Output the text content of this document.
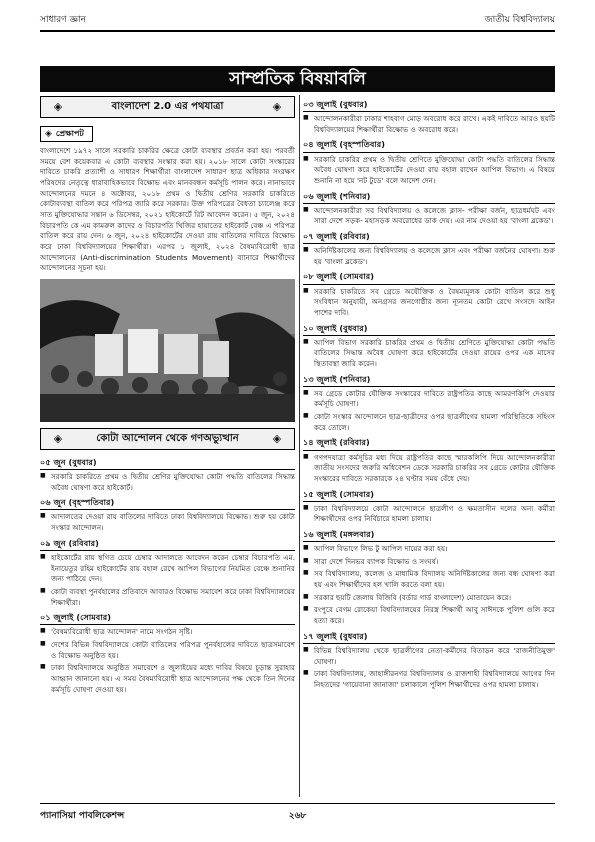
সাধারণ জ্ঞান	জাতীয় বিশ্ববিদ্যালয়
সাম্প্রতিক বিষয়াবলি
◈	বাংলাদেশ 2.0 এর পথযাত্রা	◈
◈ প্রেক্ষাপট

বাংলাদেশে ১৯৭২ সালে সরকারি চাকরির ক্ষেত্রে কোটা ব্যবস্থার প্রবর্তন করা হয়। পরবর্তী সময়ে বেশ কয়েকবার এ কোটা ব্যবস্থার সংস্কার করা হয়। ২০১৮ সালে কোটা সংস্কারের দাবিতে চাকরি প্রত্যাশী ও সাধারণ শিক্ষার্থীরা বাংলাদেশ সাধারণ ছাত্র অধিকার সংরক্ষণ পরিষদের নেতৃত্বে ধারাবাহিকভাবে বিক্ষোভ এবং মানববন্ধন কর্মসূচি পালন করে। নানাভাবে আন্দোলনের দমনে ৪ অক্টোবর, ২০১৮ প্রথম ও দ্বিতীয় শ্রেণির সরকারি চাকরিতে কোটাব্যবস্থা বাতিল করে পরিপত্র জারি করে সরকার। উক্ত পরিপত্রের বৈধতা চ্যালেঞ্জ করে সাত মুক্তিযোদ্ধার সন্তান ৬ ডিসেম্বর, ২০২১ হাইকোর্টে রিট আবেদন করেন। ৫ জুন, ২০২৪ বিচারপতি কে এম কামরুল কাদের ও বিচারপতি খিজির হায়াতের হাইকোর্ট বেঞ্চ এ পরিপত্র বাতিল করে রায় দেন। ৬ জুন, ২০২৪ হাইকোর্টের দেওয়া রায় বাতিলের দাবিতে বিক্ষোভ করে ঢাকা বিশ্ববিদ্যালয়ের শিক্ষার্থীরা। এরপর ১ জুলাই, ২০২৪ বৈষম্যবিরোধী ছাত্র আন্দোলনের (Anti-discrimination Students Movement) ব্যানারে শিক্ষার্থীদের আন্দোলনের সূচনা হয়।

◈	কোটা আন্দোলন থেকে গণঅভ্যুত্থান	◈
০৫ জুন (বুধবার)
■ সরকারি চাকরিতে প্রথম ও দ্বিতীয় শ্রেণির মুক্তিযোদ্ধা কোটা পদ্ধতি বাতিলের সিদ্ধান্ত অবৈধ ঘোষণা করে হাইকোর্ট।
০৬ জুন (বৃহস্পতিবার)
■ আদালতের দেওয়া রায় বাতিলের দাবিতে ঢাকা বিশ্ববিদ্যালয়ে বিক্ষোভ। শুরু হয় কোটা সংস্কার আন্দোলন।
০৯ জুন (রবিবার)
■ হাইকোর্টের রায় স্থগিত চেয়ে চেম্বার আদালতে আবেদন করেন চেম্বার বিচারপতি এম. ইনায়েতুর রহিম হাইকোর্টের রায় বহাল রেখে আপিল বিভাগের নিয়মিত বেঞ্চে শুনানির জন্য পাঠিয়ে দেন।
■ কোটা ব্যবস্থা পুনর্বহালের প্রতিবাদে আবারও বিক্ষোভ সমাবেশ করে ঢাকা বিশ্ববিদ্যালয়ের শিক্ষার্থীরা।
০১ জুলাই (সোমবার)
■ 'বৈষম্যবিরোধী ছাত্র আন্দোলন' নামে সংগঠন সৃষ্টি।
■ দেশের বিভিন্ন বিশ্ববিদ্যালয়ে কোটা বাতিলের পরিপত্র পুনর্বহালের দাবিতে ছাত্রসমাবেশ ও বিক্ষোভ অনুষ্ঠিত হয়।
■ ঢাকা বিশ্ববিদ্যালয়ে অনুষ্ঠিত সমাবেশে ৪ জুলাইয়ের মধ্যে দাবির বিষয়ে চূড়ান্ত সুরাহার আহ্বান জানানো হয়। এ সময় বৈষম্যবিরোধী ছাত্র আন্দোলনের পক্ষ থেকে তিন দিনের কর্মসূচি ঘোষণা দেওয়া হয়।
০৩ জুলাই (বুধবার)
■ আন্দোলনকারীরা ঢাকার শাহবাগ মোড় অবরোধ করে রাখে। একই দাবিতে আরও ছয়টি বিশ্ববিদ্যালয়ের শিক্ষার্থীরা বিক্ষোভ ও অবরোধ করে।
০৪ জুলাই (বৃহস্পতিবার)
■ সরকারি চাকরির প্রথম ও দ্বিতীয় শ্রেণিতে মুক্তিযোদ্ধা কোটা পদ্ধতি বাতিলের সিদ্ধান্ত অবৈধ ঘোষণা করে হাইকোর্টের দেওয়া রায় বহাল রাখেন আপিল বিভাগ। এ বিষয়ে শুনানি না হয়ে 'নট টুডে' বলে আদেশ দেন।
০৬ জুলাই (শনিবার)
■ আন্দোলনকারীরা সব বিশ্ববিদ্যালয় ও কলেজে ক্লাস- পরীক্ষা বর্জন, ছাত্রধর্মঘট এবং সারা দেশে সড়ক- মহাসড়ক অবরোধের ডাক দেয়। এর নাম দেওয়া হয় 'বাংলা ব্লকেড'।
০৭ জুলাই (রবিবার)
■ অনির্দিষ্টকালের জন্য বিশ্ববিদ্যালয় ও কলেজে ক্লাস এবং পরীক্ষা বর্জনের ঘোষণা। শুরু হয় 'বাংলা ব্লকেড'।
০৮ জুলাই (সোমবার)
■ সরকারি চাকরিতে সব গ্রেডে অযৌক্তিক ও বৈষম্যমূলক কোটা বাতিল করে শুধু সংবিধান অনুযায়ী, অনগ্রসর জনগোষ্ঠীর জন্য ন্যূনতম কোটা রেখে সংসদে আইন পাশের দাবি।
১০ জুলাই (বুধবার)
■ আপিল বিভাগ সরকারি চাকরির প্রথম ও দ্বিতীয় শ্রেণিতে মুক্তিযোদ্ধা কোটা পদ্ধতি বাতিলের সিদ্ধান্ত অবৈধ ঘোষণা করে হাইকোর্টের দেওয়া রায়ের ওপর এক মাসের স্থিতাবস্থা জারি করেন।
১৩ জুলাই (শনিবার)
■ সব গ্রেডে কোটার যৌক্তিক সংস্কারের দাবিতে রাষ্ট্রপতির কাছে আমরণকিপি দেওয়ার কর্মসূচি ঘোষণা।
■ কোটা সংস্কার আন্দোলনে ছাত্র-ছাত্রীদের ওপর ছাত্রলীগের হামলা পরিস্থিতিকে সহিংস করে তোলে।
১৪ জুলাই (রবিবার)
■ গণপদযাত্রা কর্মসূচির মধ্য দিয়ে রাষ্ট্রপতির কাছে স্মারকলিপি দিয়ে আন্দোলনকারীরা জাতীয় সংসদের জরুরি অধিবেশন ডেকে সরকারি চাকরির সব গ্রেডে কোটার যৌক্তিক সংস্কারের দাবিতে সরকারকে ২৪ ঘণ্টার সময় বেঁধে দেয়।
১৫ জুলাই (সোমবার)
■ ঢাকা বিশ্ববিদ্যালয়ে কোটা আন্দোলনে ছাত্রলীগ ও ক্ষমতাসীন দলের অন্য কর্মীরা শিক্ষার্থীদের ওপর নির্বিচারে হামলা চালায়।
১৬ জুলাই (মঙ্গলবার)
■ আপিল বিভাগে লিভ টু আপিল দায়ের করা হয়।
■ সারা দেশে দিনভর ব্যাপক বিক্ষোভ ও সংঘর্ষ।
■ সব বিশ্ববিদ্যালয়, কলেজ ও মাধ্যমিক বিদ্যালয় অনির্দিষ্টকালের জন্য বন্ধ ঘোষণা করা হয় এবং শিক্ষার্থীদের হল খালি করতে বলা হয়।
■ সরকার ছয়টি জেলায় বিজিবি (বর্ডার গার্ড বাংলাদেশ) মোতায়েন করে।
■ রংপুরে বেগম রোকেয়া বিশ্ববিদ্যালয়ের নিরস্ত্র শিক্ষার্থী আবু সাঈদকে পুলিশ গুলি করে হত্যা করে।
১৭ জুলাই (বুধবার)
■ বিভিন্ন বিশ্ববিদ্যালয় থেকে ছাত্রলীগের নেতা-কর্মীদের বিতাড়ন করে 'রাজনীতিমুক্ত' ঘোষণা।
■ ঢাকা বিশ্ববিদ্যালয়, জাহাঙ্গীরনগর বিশ্ববিদ্যালয় ও রাজশাহী বিশ্ববিদ্যালয়ে আগের দিন নিহতদের 'গায়েবানা জানাজা' চলাকালে পুলিশ শিক্ষার্থীদের ওপর হামলা চালায়।
প্যানাসিয়া পাবলিকেশন্স	২৬৮
